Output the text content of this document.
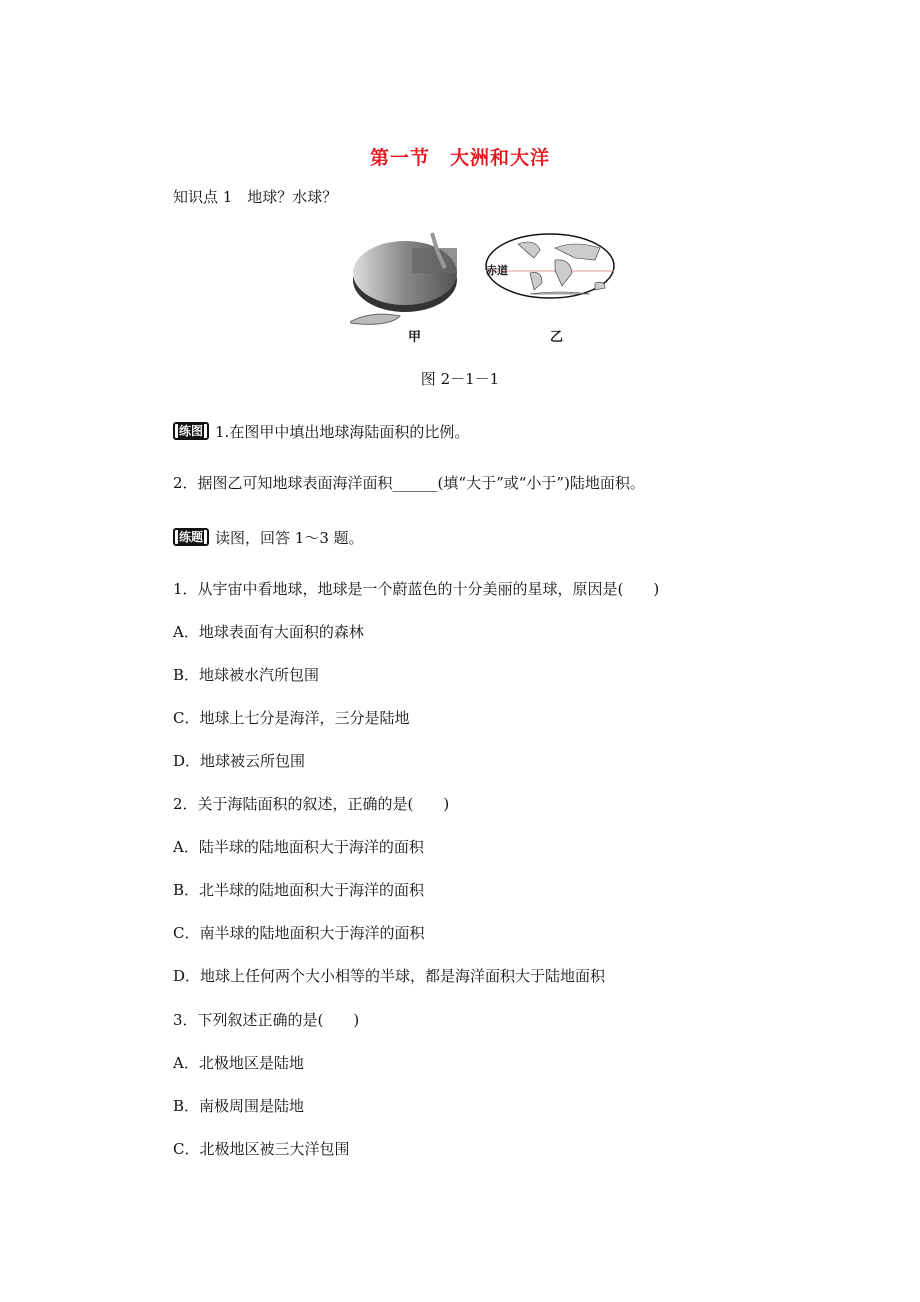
第一节　大洲和大洋
知识点 1　地球？水球？
赤道
甲	乙
图 2－1－1
练图 1.在图甲中填出地球海陆面积的比例。
2．据图乙可知地球表面海洋面积______(填“大于”或“小于”)陆地面积。
练题 读图，回答 1～3 题。
1．从宇宙中看地球，地球是一个蔚蓝色的十分美丽的星球，原因是(　　)
A．地球表面有大面积的森林
B．地球被水汽所包围
C．地球上七分是海洋，三分是陆地
D．地球被云所包围
2．关于海陆面积的叙述，正确的是(　　)
A．陆半球的陆地面积大于海洋的面积
B．北半球的陆地面积大于海洋的面积
C．南半球的陆地面积大于海洋的面积
D．地球上任何两个大小相等的半球，都是海洋面积大于陆地面积
3．下列叙述正确的是(　　)
A．北极地区是陆地
B．南极周围是陆地
C．北极地区被三大洋包围
